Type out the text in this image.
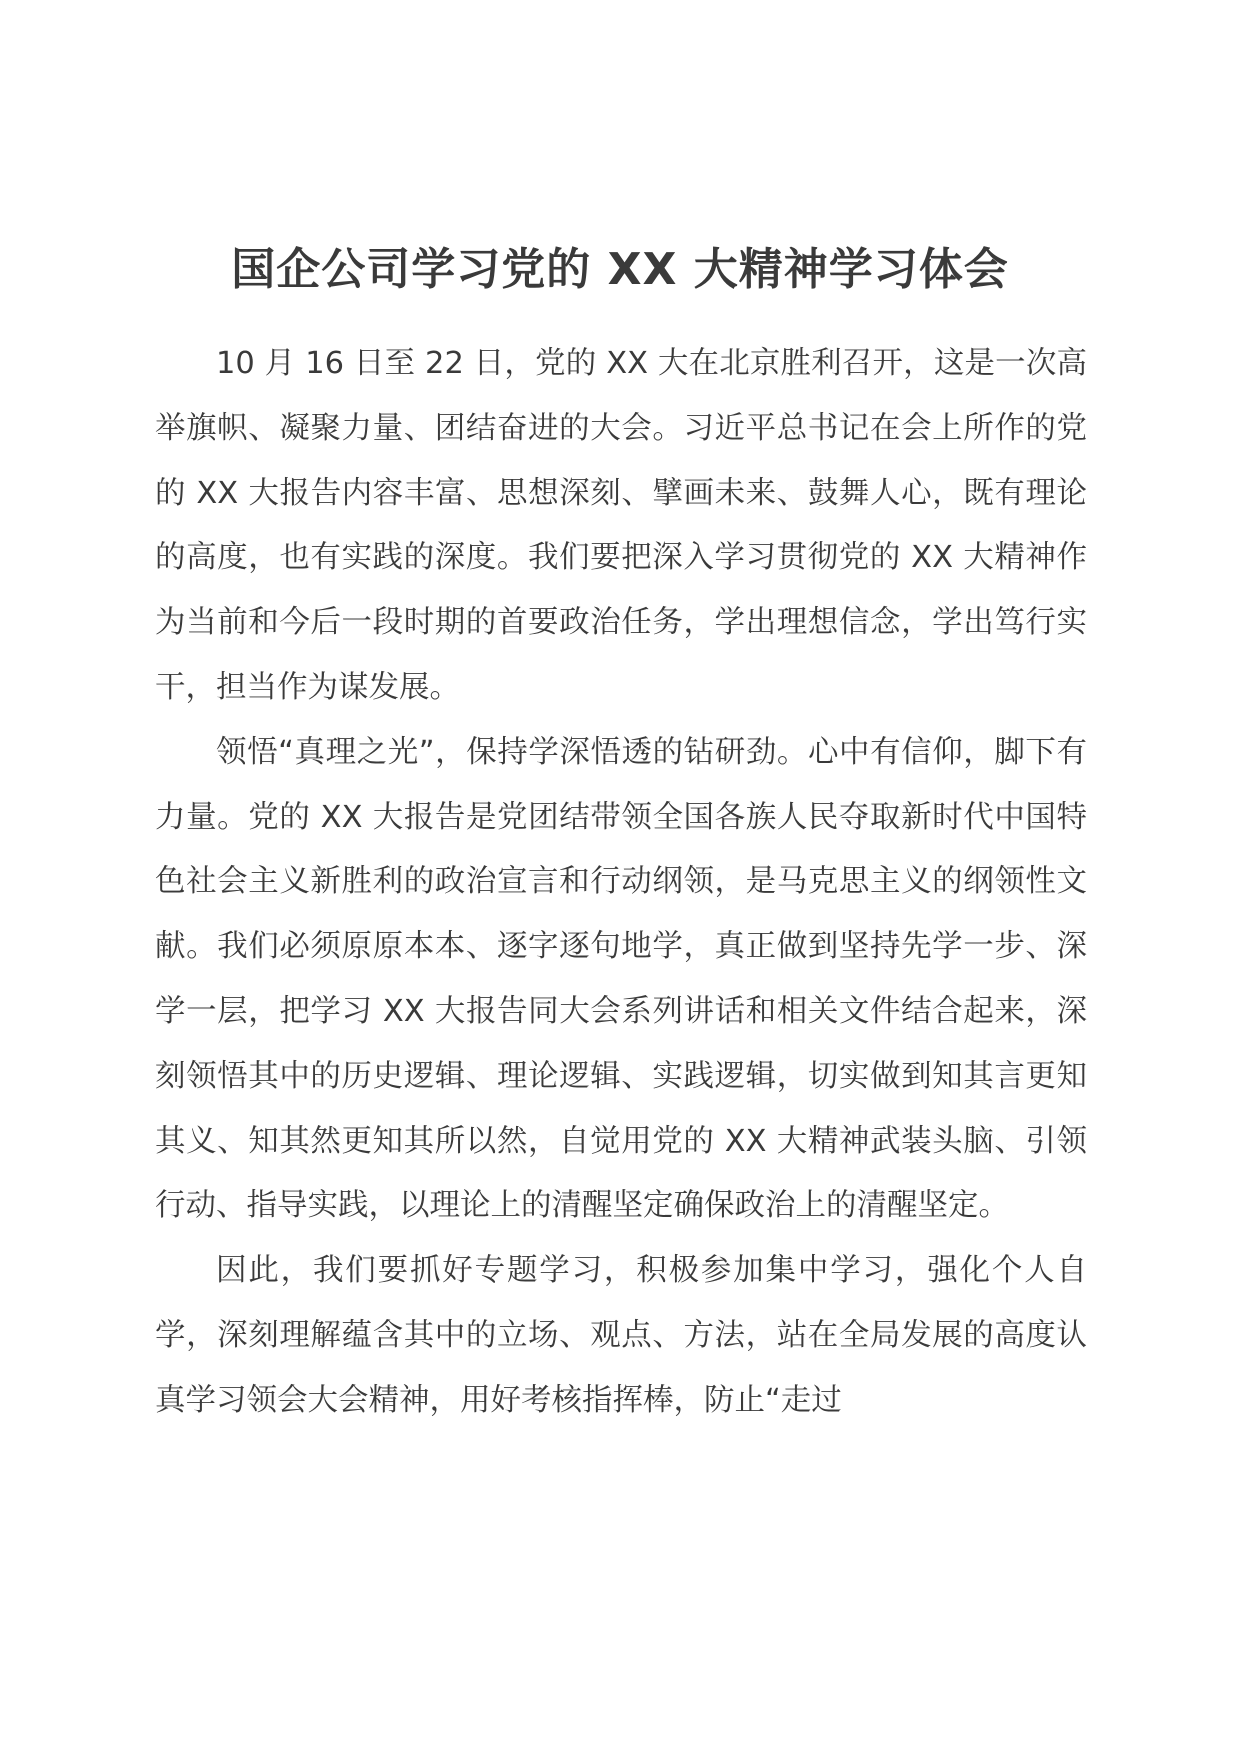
国企公司学习党的 XX 大精神学习体会

10 月 16 日至 22 日，党的 XX 大在北京胜利召开，这是一次高举旗帜、凝聚力量、团结奋进的大会。习近平总书记在会上所作的党的 XX 大报告内容丰富、思想深刻、擘画未来、鼓舞人心，既有理论的高度，也有实践的深度。我们要把深入学习贯彻党的 XX 大精神作为当前和今后一段时期的首要政治任务，学出理想信念，学出笃行实干，担当作为谋发展。

领悟“真理之光”，保持学深悟透的钻研劲。心中有信仰，脚下有力量。党的 XX 大报告是党团结带领全国各族人民夺取新时代中国特色社会主义新胜利的政治宣言和行动纲领，是马克思主义的纲领性文献。我们必须原原本本、逐字逐句地学，真正做到坚持先学一步、深学一层，把学习 XX 大报告同大会系列讲话和相关文件结合起来，深刻领悟其中的历史逻辑、理论逻辑、实践逻辑，切实做到知其言更知其义、知其然更知其所以然，自觉用党的 XX 大精神武装头脑、引领行动、指导实践，以理论上的清醒坚定确保政治上的清醒坚定。

因此，我们要抓好专题学习，积极参加集中学习，强化个人自学，深刻理解蕴含其中的立场、观点、方法，站在全局发展的高度认真学习领会大会精神，用好考核指挥棒，防止“走过
